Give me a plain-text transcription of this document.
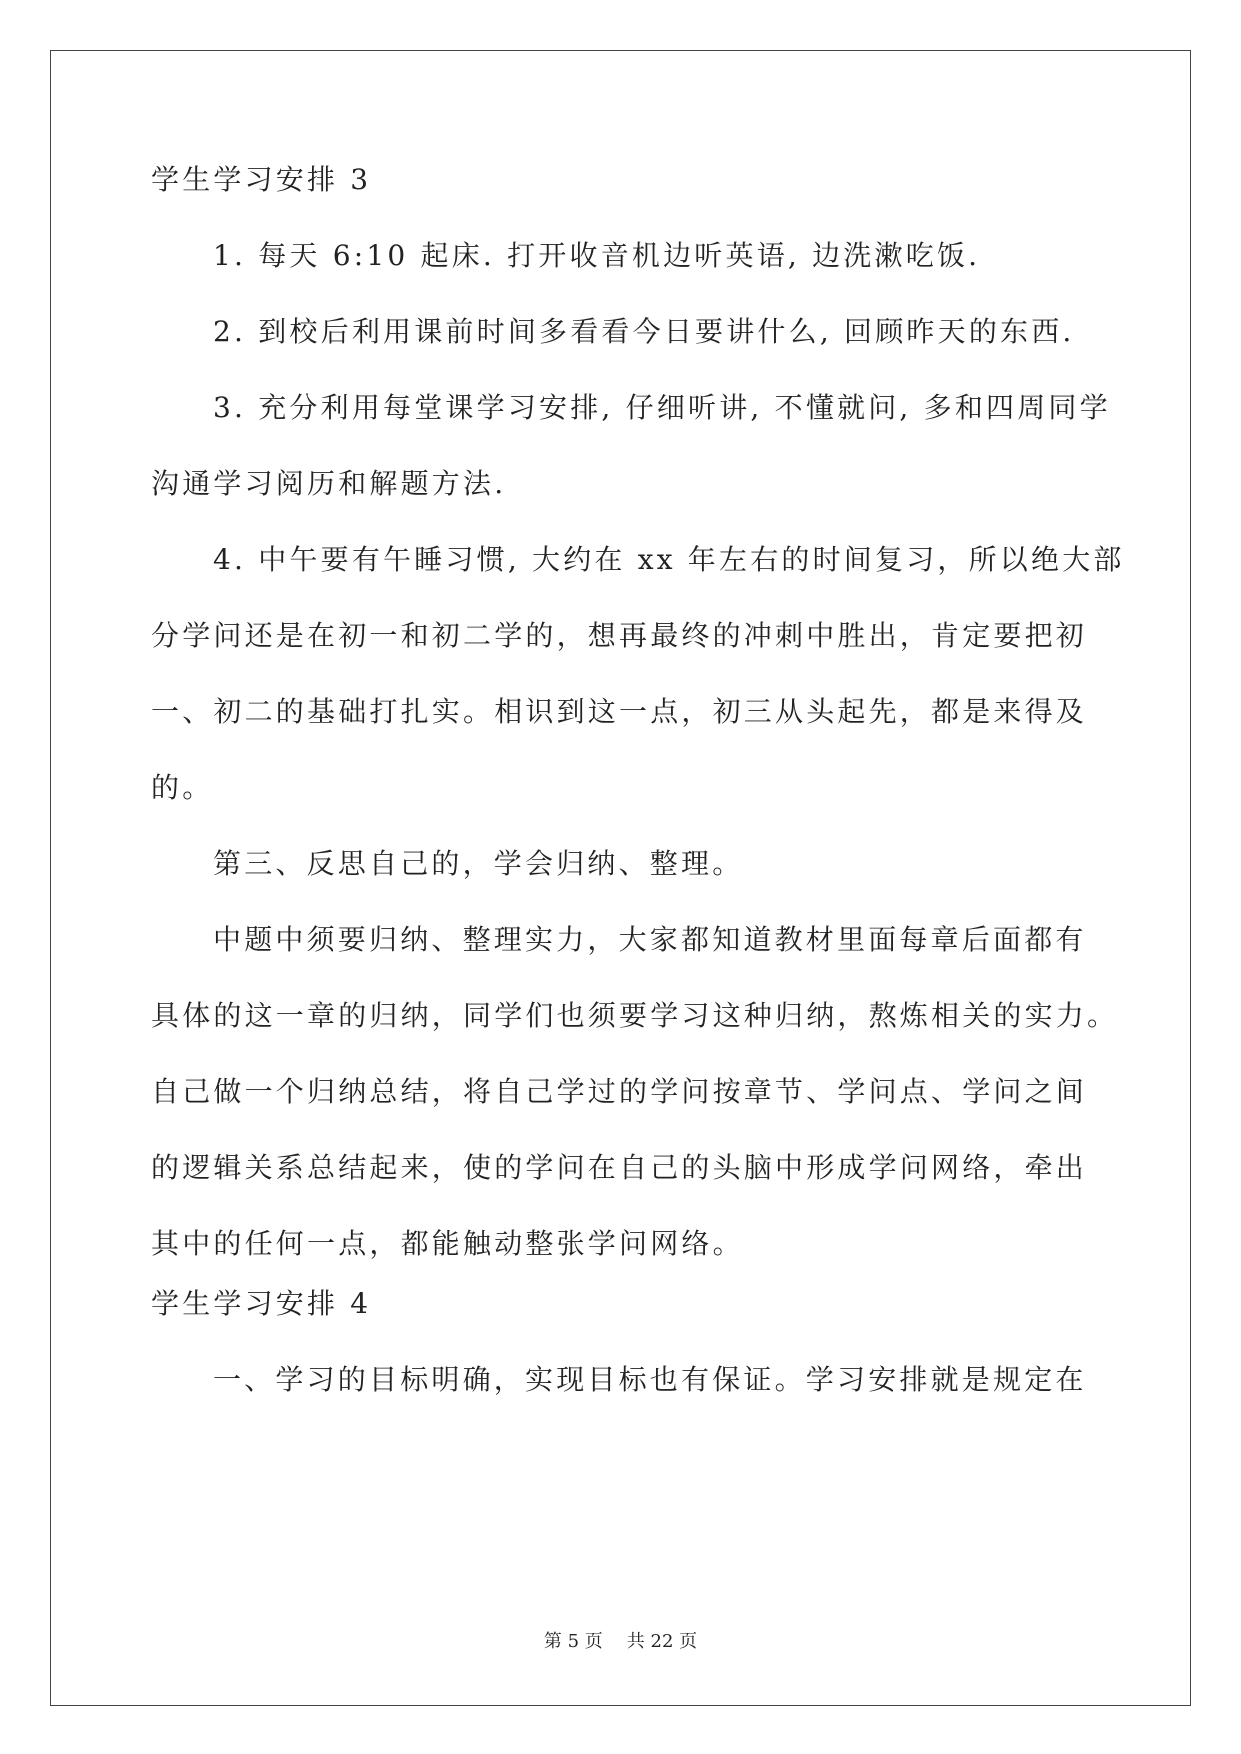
学生学习安排 3
1. 每天 6:10 起床. 打开收音机边听英语, 边洗漱吃饭.
2. 到校后利用课前时间多看看今日要讲什么, 回顾昨天的东西.
3. 充分利用每堂课学习安排, 仔细听讲, 不懂就问, 多和四周同学
沟通学习阅历和解题方法.
4. 中午要有午睡习惯, 大约在 xx 年左右的时间复习，所以绝大部
分学问还是在初一和初二学的，想再最终的冲刺中胜出，肯定要把初
一、初二的基础打扎实。相识到这一点，初三从头起先，都是来得及
的。
第三、反思自己的，学会归纳、整理。
中题中须要归纳、整理实力，大家都知道教材里面每章后面都有
具体的这一章的归纳，同学们也须要学习这种归纳，熬炼相关的实力。
自己做一个归纳总结，将自己学过的学问按章节、学问点、学问之间
的逻辑关系总结起来，使的学问在自己的头脑中形成学问网络，牵出
其中的任何一点，都能触动整张学问网络。
学生学习安排 4
一、学习的目标明确，实现目标也有保证。学习安排就是规定在
第 5 页 共 22 页
